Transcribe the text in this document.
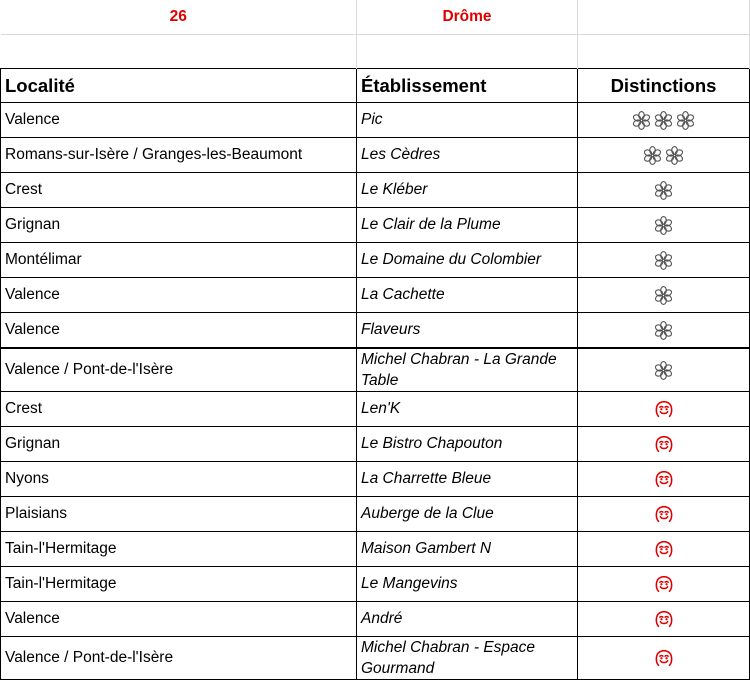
26	Drôme	

Localité	Établissement	Distinctions
Valence	Pic	

Romans-sur-Isère / Granges-les-Beaumont	Les Cèdres	

Crest	Le Kléber	

Grignan	Le Clair de la Plume	

Montélimar	Le Domaine du Colombier	

Valence	La Cachette	

Valence	Flaveurs	

Valence / Pont-de-l'Isère	Michel Chabran - La Grande Table	

Crest	Len'K	

Grignan	Le Bistro Chapouton	

Nyons	La Charrette Bleue	

Plaisians	Auberge de la Clue	

Tain-l'Hermitage	Maison Gambert N	

Tain-l'Hermitage	Le Mangevins	

Valence	André	

Valence / Pont-de-l'Isère	Michel Chabran - Espace Gourmand	
